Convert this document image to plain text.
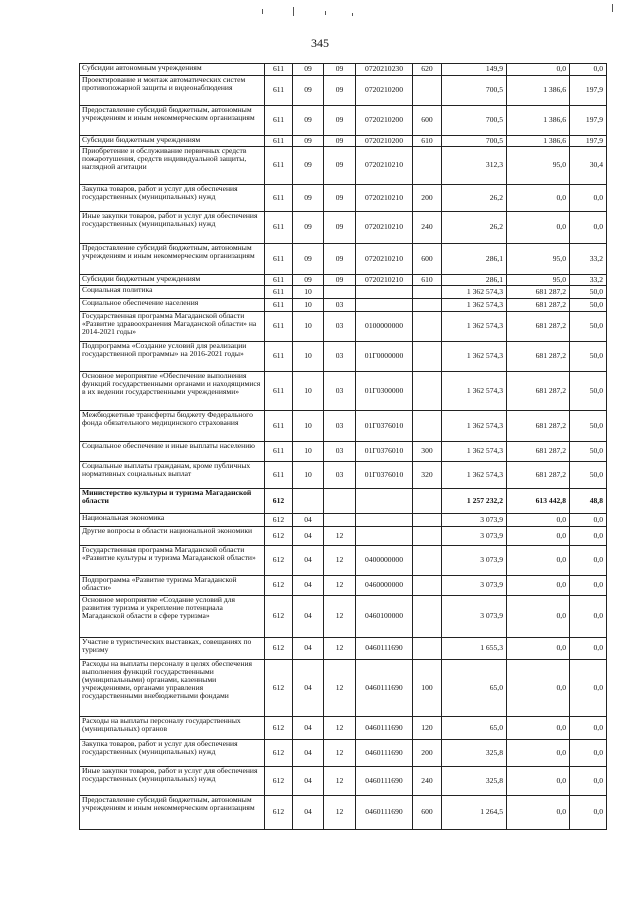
345
Субсидии автономным учреждениям	611	09	09	0720210230	620	149,9	0,0	0,0
Проектирование и монтаж автоматических систем противопожарной защиты и видеонаблюдения	611	09	09	0720210200		700,5	1 386,6	197,9
Предоставление субсидий бюджетным, автономным учреждениям и иным некоммерческим организациям	611	09	09	0720210200	600	700,5	1 386,6	197,9
Субсидии бюджетным учреждениям	611	09	09	0720210200	610	700,5	1 386,6	197,9
Приобретение и обслуживание первичных средств пожаротушения, средств индивидуальной защиты, наглядной агитации	611	09	09	0720210210		312,3	95,0	30,4
Закупка товаров, работ и услуг для обеспечения государственных (муниципальных) нужд	611	09	09	0720210210	200	26,2	0,0	0,0
Иные закупки товаров, работ и услуг для обеспечения государственных (муниципальных) нужд	611	09	09	0720210210	240	26,2	0,0	0,0
Предоставление субсидий бюджетным, автономным учреждениям и иным некоммерческим организациям	611	09	09	0720210210	600	286,1	95,0	33,2
Субсидии бюджетным учреждениям	611	09	09	0720210210	610	286,1	95,0	33,2
Социальная политика	611	10				1 362 574,3	681 287,2	50,0
Социальное обеспечение населения	611	10	03			1 362 574,3	681 287,2	50,0
Государственная программа Магаданской области «Развитие здравоохранения Магаданской области» на 2014-2021 годы»	611	10	03	0100000000		1 362 574,3	681 287,2	50,0
Подпрограмма «Создание условий для реализации государственной программы» на 2016-2021 годы»	611	10	03	01Г0000000		1 362 574,3	681 287,2	50,0
Основное мероприятие «Обеспечение выполнения функций государственными органами и находящимися в их ведении государственными учреждениями»	611	10	03	01Г0300000		1 362 574,3	681 287,2	50,0
Межбюджетные трансферты бюджету Федерального фонда обязательного медицинского страхования	611	10	03	01Г0376010		1 362 574,3	681 287,2	50,0
Социальное обеспечение и иные выплаты населению	611	10	03	01Г0376010	300	1 362 574,3	681 287,2	50,0
Социальные выплаты гражданам, кроме публичных нормативных социальных выплат	611	10	03	01Г0376010	320	1 362 574,3	681 287,2	50,0
Министерство культуры и туризма Магаданской области	612					1 257 232,2	613 442,8	48,8
Национальная экономика	612	04				3 073,9	0,0	0,0
Другие вопросы в области национальной экономики	612	04	12			3 073,9	0,0	0,0
Государственная программа Магаданской области «Развитие культуры и туризма Магаданской области»	612	04	12	0400000000		3 073,9	0,0	0,0
Подпрограмма «Развитие туризма Магаданской области»	612	04	12	0460000000		3 073,9	0,0	0,0
Основное мероприятие «Создание условий для развития туризма и укрепление потенциала Магаданской области в сфере туризма»	612	04	12	0460100000		3 073,9	0,0	0,0
Участие в туристических выставках, совещаниях по туризму	612	04	12	0460111690		1 655,3	0,0	0,0
Расходы на выплаты персоналу в целях обеспечения выполнения функций государственными (муниципальными) органами, казенными учреждениями, органами управления государственными внебюджетными фондами	612	04	12	0460111690	100	65,0	0,0	0,0
Расходы на выплаты персоналу государственных (муниципальных) органов	612	04	12	0460111690	120	65,0	0,0	0,0
Закупка товаров, работ и услуг для обеспечения государственных (муниципальных) нужд	612	04	12	0460111690	200	325,8	0,0	0,0
Иные закупки товаров, работ и услуг для обеспечения государственных (муниципальных) нужд	612	04	12	0460111690	240	325,8	0,0	0,0
Предоставление субсидий бюджетным, автономным учреждениям и иным некоммерческим организациям	612	04	12	0460111690	600	1 264,5	0,0	0,0
